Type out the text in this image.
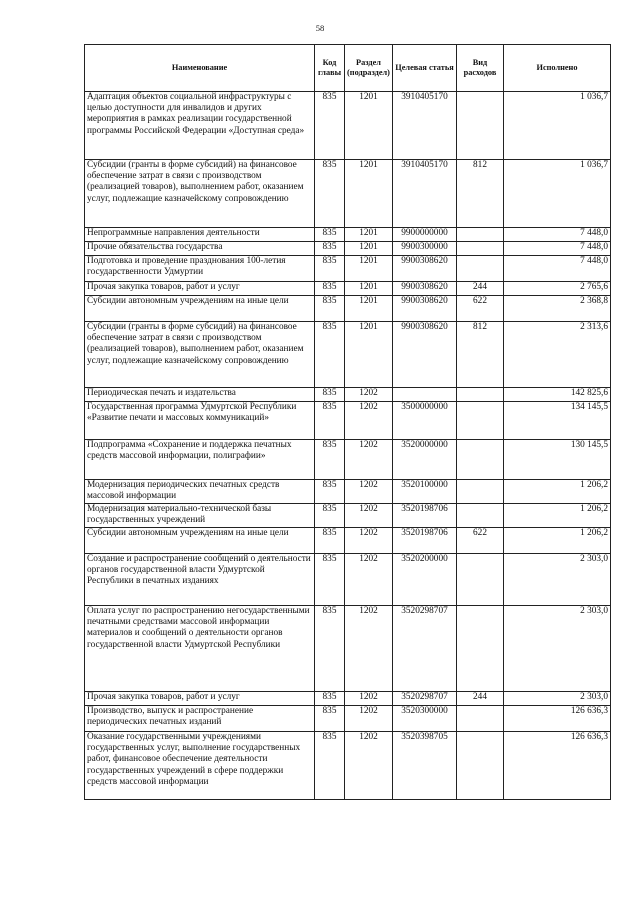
58
Наименование	Код главы	Раздел (подраздел)	Целевая статья	Вид расходов	Исполнено
Адаптация объектов социальной инфраструктуры с целью доступности для инвалидов и других мероприятия в рамках реализации государственной программы Российской Федерации «Доступная среда»	835	1201	3910405170		1 036,7
Субсидии (гранты в форме субсидий) на финансовое обеспечение затрат в связи с производством (реализацией товаров), выполнением работ, оказанием услуг, подлежащие казначейскому сопровождению	835	1201	3910405170	812	1 036,7
Непрограммные направления деятельности	835	1201	9900000000		7 448,0
Прочие обязательства государства	835	1201	9900300000		7 448,0
Подготовка и проведение празднования 100-летия государственности Удмуртии	835	1201	9900308620		7 448,0
Прочая закупка товаров, работ и услуг	835	1201	9900308620	244	2 765,6
Субсидии автономным учреждениям на иные цели	835	1201	9900308620	622	2 368,8
Субсидии (гранты в форме субсидий) на финансовое обеспечение затрат в связи с производством (реализацией товаров), выполнением работ, оказанием услуг, подлежащие казначейскому сопровождению	835	1201	9900308620	812	2 313,6
Периодическая печать и издательства	835	1202			142 825,6
Государственная программа Удмуртской Республики «Развитие печати и массовых коммуникаций»	835	1202	3500000000		134 145,5
Подпрограмма «Сохранение и поддержка печатных средств массовой информации, полиграфии»	835	1202	3520000000		130 145,5
Модернизация периодических печатных средств массовой информации	835	1202	3520100000		1 206,2
Модернизация материально-технической базы государственных учреждений	835	1202	3520198706		1 206,2
Субсидии автономным учреждениям на иные цели	835	1202	3520198706	622	1 206,2
Создание и распространение сообщений о деятельности органов государственной власти Удмуртской Республики в печатных изданиях	835	1202	3520200000		2 303,0
Оплата услуг по распространению негосударственными печатными средствами массовой информации материалов и сообщений о деятельности органов государственной власти Удмуртской Республики	835	1202	3520298707		2 303,0
Прочая закупка товаров, работ и услуг	835	1202	3520298707	244	2 303,0
Производство, выпуск и распространение периодических печатных изданий	835	1202	3520300000		126 636,3
Оказание государственными учреждениями государственных услуг, выполнение государственных работ, финансовое обеспечение деятельности государственных учреждений в сфере поддержки средств массовой информации	835	1202	3520398705		126 636,3
